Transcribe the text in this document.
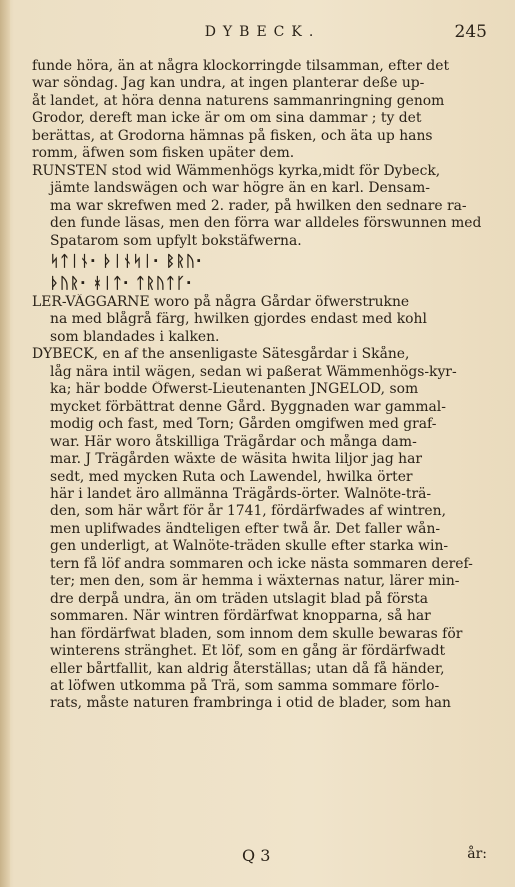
DYBECK.	245

funde höra, än at några klockorringde tilsamman, efter det
war söndag. Jag kan undra, at ingen planterar deße up-
åt landet, at höra denna naturens sammanringning genom
Grodor, dereft man icke är om om sina dammar ; ty det
berättas, at Grodorna hämnas på fisken, och äta up hans
romm, äfwen som fisken upäter dem.

RUNSTEN stod wid Wämmenhögs kyrka,midt för Dybeck,
jämte landswägen och war högre än en karl. Densam-
ma war skrefwen med 2. rader, på hwilken den sednare ra-
den funde läsas, men den förra war alldeles förswunnen med
Spatarom som upfylt bokstäfwerna.
ᛋᛏᛁᚾ· ᚦᛁᚾᛋᛁ· ᛒᚱᚢ·
ᚦᚢᚱ· ᚼᛁᛏ· ᛏᚱᚢᛏᚴ·

LER-VÄGGARNE woro på några Gårdar öfwerstrukne
na med blågrå färg, hwilken gjordes endast med kohl
som blandades i kalken.

DYBECK, en af the ansenligaste Sätesgårdar i Skåne,
låg nära intil wägen, sedan wi paßerat Wämmenhögs-kyr-
ka; här bodde Öfwerst-Lieutenanten JNGELOD, som
mycket förbättrat denne Gård. Byggnaden war gammal-
modig och fast, med Torn; Gården omgifwen med graf-
war. Här woro åtskilliga Trägårdar och många dam-
mar. J Trägården wäxte de wäsita hwita liljor jag har
sedt, med mycken Ruta och Lawendel, hwilka örter
här i landet äro allmänna Trägårds-örter. Walnöte-trä-
den, som här wårt för år 1741, fördärfwades af wintren,
men uplifwades ändteligen efter twå år. Det faller wån-
gen underligt, at Walnöte-träden skulle efter starka win-
tern få löf andra sommaren och icke nästa sommaren deref-
ter; men den, som är hemma i wäxternas natur, lärer min-
dre derpå undra, än om träden utslagit blad på första
sommaren. När wintren fördärfwat knopparna, så har
han fördärfwat bladen, som innom dem skulle bewaras för
winterens stränghet. Et löf, som en gång är fördärfwadt
eller bårtfallit, kan aldrig återställas; utan då få händer,
at löfwen utkomma på Trä, som samma sommare förlo-
rats, måste naturen frambringa i otid de blader, som han

Q 3	år:
